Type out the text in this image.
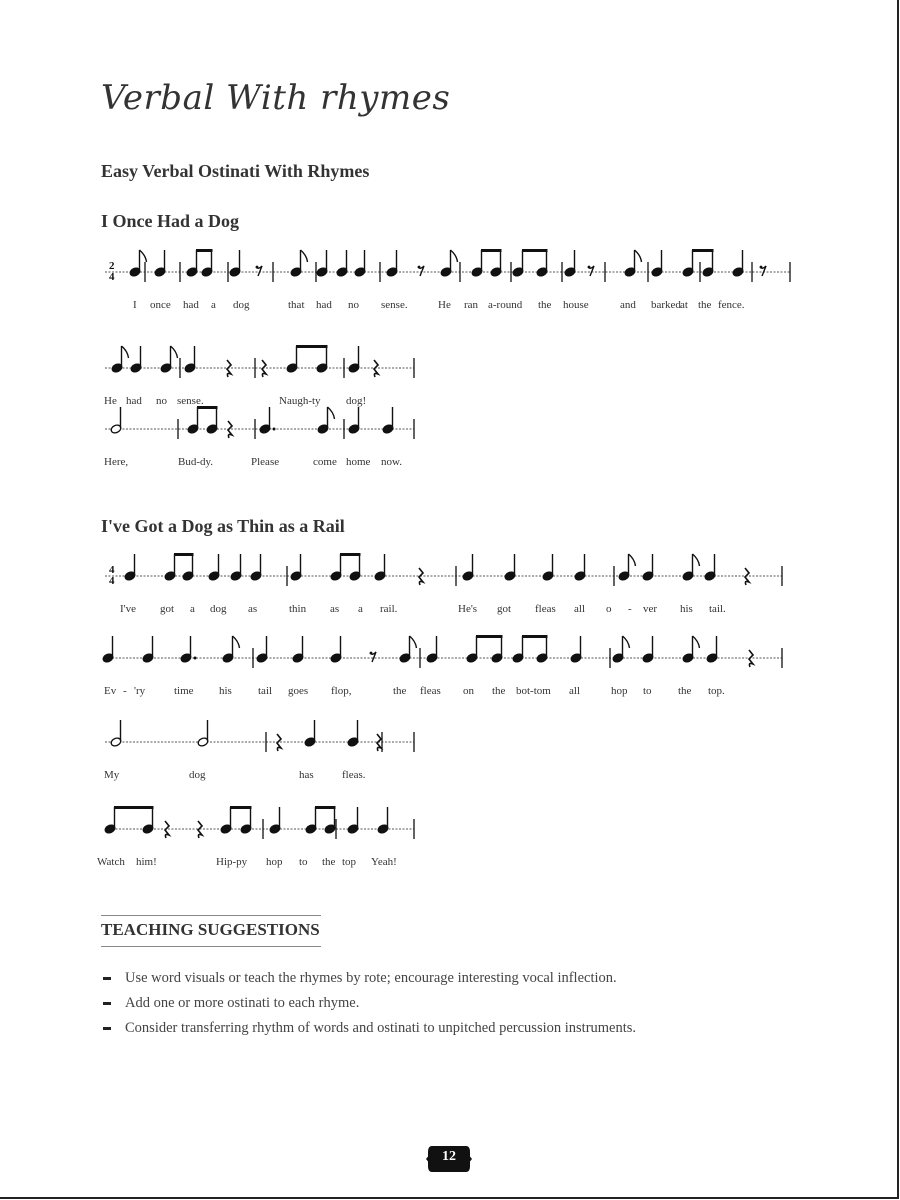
Verbal With rhymes
Easy Verbal Ostinati With Rhymes
I Once Had a Dog
I've Got a Dog as Thin as a Rail
2
4
4
4
I once had a dog	that had no sense.	He ran a-round the house	and barked at the fence.
He had no sense.	Naugh-ty dog!
Here,	Bud-dy.	Please	come home now.
I've got a dog as	thin as a rail.	He's got fleas all o - ver his tail.
Ev - 'ry	time his tail goes flop,	the fleas on the bot-tom all	hop to the top.
My	dog	has	fleas.
Watch him!	Hip-py hop to the top Yeah!
TEACHING SUGGESTIONS
Use word visuals or teach the rhymes by rote; encourage interesting vocal inflection.
Add one or more ostinati to each rhyme.
Consider transferring rhythm of words and ostinati to unpitched percussion instruments.
12
